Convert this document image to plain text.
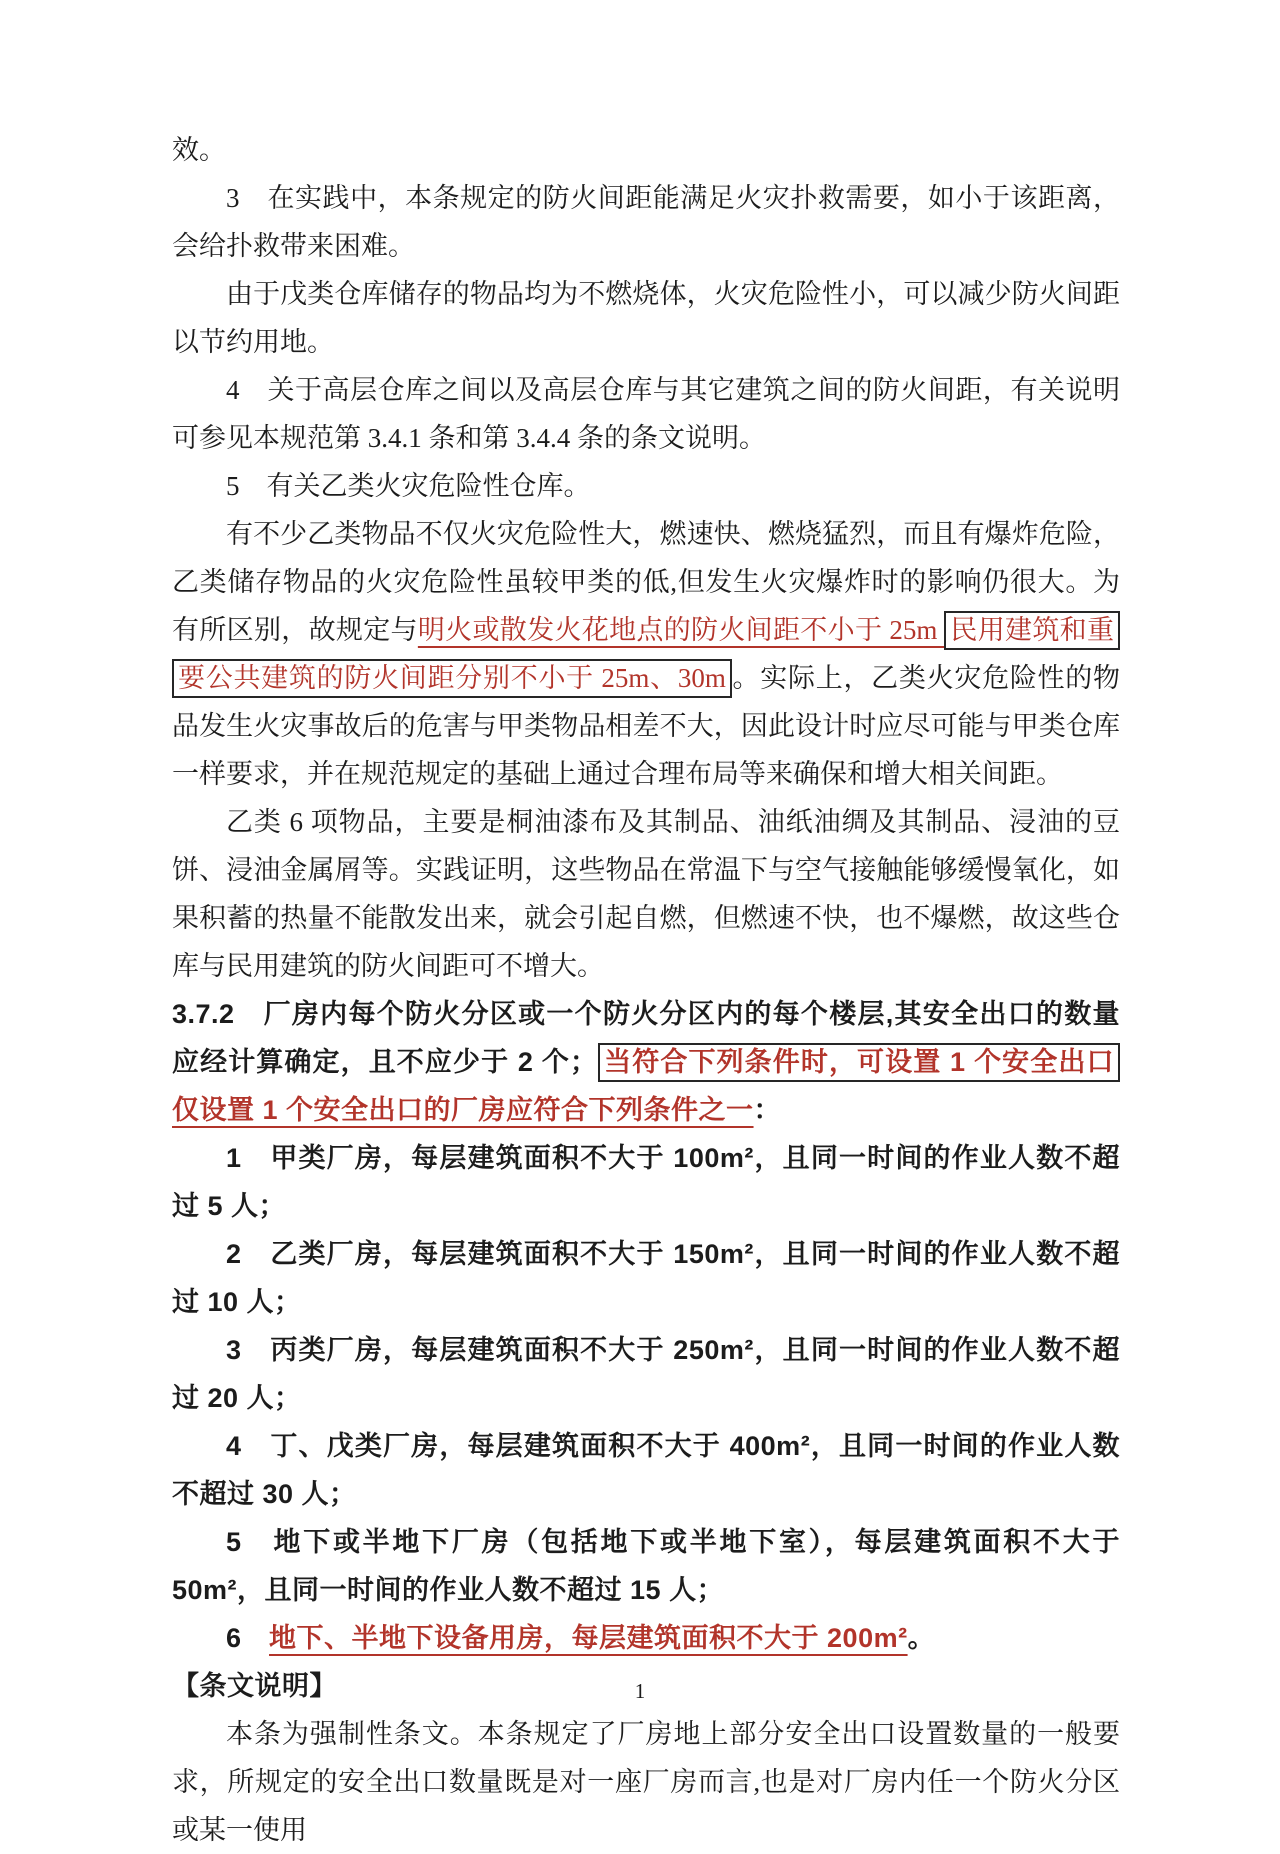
效。

3　在实践中，本条规定的防火间距能满足火灾扑救需要，如小于该距离，会给扑救带来困难。

由于戊类仓库储存的物品均为不燃烧体，火灾危险性小，可以减少防火间距以节约用地。

4　关于高层仓库之间以及高层仓库与其它建筑之间的防火间距，有关说明可参见本规范第 3.4.1 条和第 3.4.4 条的条文说明。

5　有关乙类火灾危险性仓库。

有不少乙类物品不仅火灾危险性大，燃速快、燃烧猛烈，而且有爆炸危险，乙类储存物品的火灾危险性虽较甲类的低,但发生火灾爆炸时的影响仍很大。为有所区别，故规定与明火或散发火花地点的防火间距不小于 25m 民用建筑和重要公共建筑的防火间距分别不小于 25m、30m 。实际上，乙类火灾危险性的物品发生火灾事故后的危害与甲类物品相差不大，因此设计时应尽可能与甲类仓库一样要求，并在规范规定的基础上通过合理布局等来确保和增大相关间距。

乙类 6 项物品，主要是桐油漆布及其制品、油纸油绸及其制品、浸油的豆饼、浸油金属屑等。实践证明，这些物品在常温下与空气接触能够缓慢氧化，如果积蓄的热量不能散发出来，就会引起自燃，但燃速不快，也不爆燃，故这些仓库与民用建筑的防火间距可不增大。

3.7.2　厂房内每个防火分区或一个防火分区内的每个楼层,其安全出口的数量应经计算确定，且不应少于 2 个； 当符合下列条件时，可设置 1 个安全出口仅设置 1 个安全出口的厂房应符合下列条件之一：

1　甲类厂房，每层建筑面积不大于 100m²，且同一时间的作业人数不超过 5 人；

2　乙类厂房，每层建筑面积不大于 150m²，且同一时间的作业人数不超过 10 人；

3　丙类厂房，每层建筑面积不大于 250m²，且同一时间的作业人数不超过 20 人；

4　丁、戊类厂房，每层建筑面积不大于 400m²，且同一时间的作业人数不超过 30 人；

5　地下或半地下厂房（包括地下或半地下室），每层建筑面积不大于 50m²，且同一时间的作业人数不超过 15 人；

6　地下、半地下设备用房，每层建筑面积不大于 200m²。

【条文说明】

本条为强制性条文。本条规定了厂房地上部分安全出口设置数量的一般要求，所规定的安全出口数量既是对一座厂房而言,也是对厂房内任一个防火分区或某一使用

1
